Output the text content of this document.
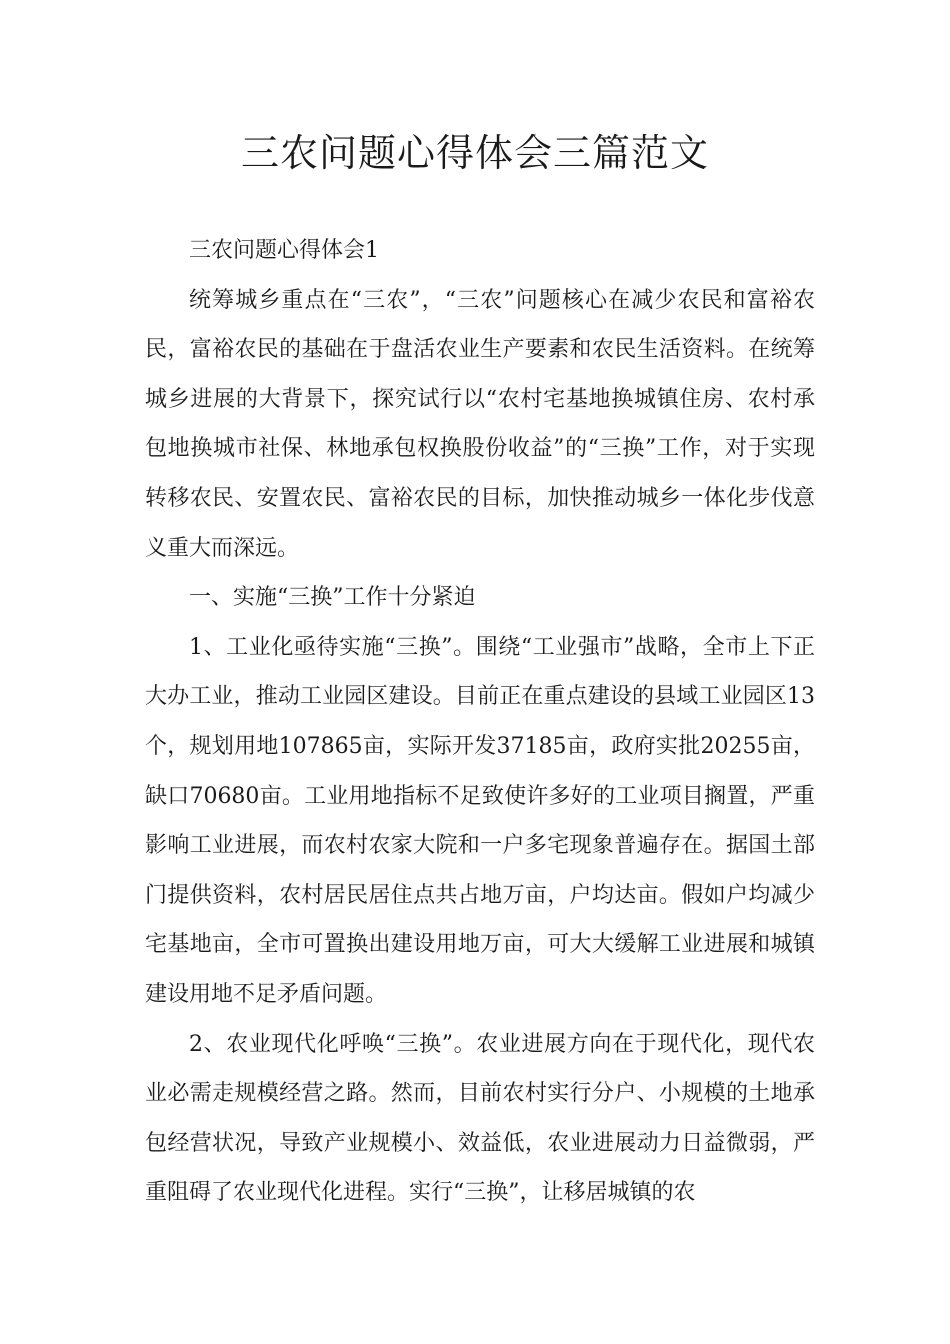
三农问题心得体会三篇范文

三农问题心得体会1

统筹城乡重点在“三农”，“三农”问题核心在减少农民和富裕农民，富裕农民的基础在于盘活农业生产要素和农民生活资料。在统筹城乡进展的大背景下，探究试行以“农村宅基地换城镇住房、农村承包地换城市社保、林地承包权换股份收益”的“三换”工作，对于实现转移农民、安置农民、富裕农民的目标，加快推动城乡一体化步伐意义重大而深远。

一、实施“三换”工作十分紧迫

1、工业化亟待实施“三换”。围绕“工业强市”战略，全市上下正大办工业，推动工业园区建设。目前正在重点建设的县域工业园区13个，规划用地107865亩，实际开发37185亩，政府实批20255亩，缺口70680亩。工业用地指标不足致使许多好的工业项目搁置，严重影响工业进展，而农村农家大院和一户多宅现象普遍存在。据国土部门提供资料，农村居民居住点共占地万亩，户均达亩。假如户均减少宅基地亩，全市可置换出建设用地万亩，可大大缓解工业进展和城镇建设用地不足矛盾问题。

2、农业现代化呼唤“三换”。农业进展方向在于现代化，现代农业必需走规模经营之路。然而，目前农村实行分户、小规模的土地承包经营状况，导致产业规模小、效益低，农业进展动力日益微弱，严重阻碍了农业现代化进程。实行“三换”，让移居城镇的农
